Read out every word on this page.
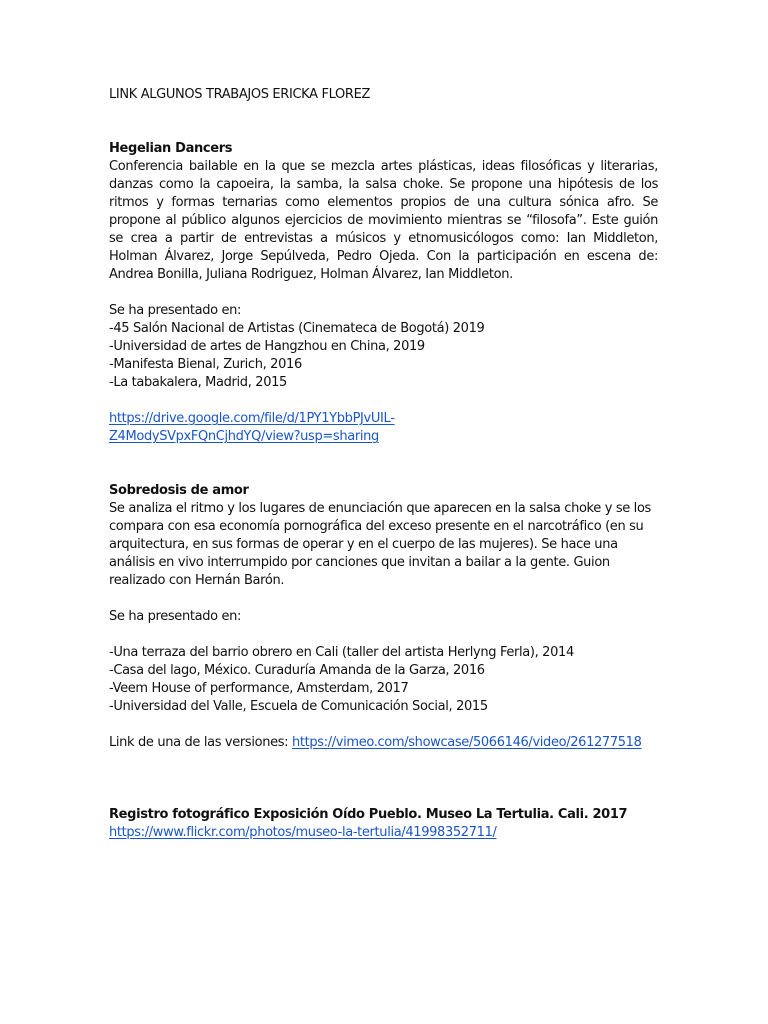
LINK ALGUNOS TRABAJOS ERICKA FLOREZ
Hegelian Dancers
Conferencia bailable en la que se mezcla artes plásticas, ideas filosóficas y literarias,
danzas como la capoeira, la samba, la salsa choke. Se propone una hipótesis de los
ritmos y formas ternarias como elementos propios de una cultura sónica afro. Se
propone al público algunos ejercicios de movimiento mientras se “filosofa”. Este guión
se crea a partir de entrevistas a músicos y etnomusicólogos como: Ian Middleton,
Holman Álvarez, Jorge Sepúlveda, Pedro Ojeda. Con la participación en escena de:
Andrea Bonilla, Juliana Rodriguez, Holman Álvarez, Ian Middleton.
Se ha presentado en:
-45 Salón Nacional de Artistas (Cinemateca de Bogotá) 2019
-Universidad de artes de Hangzhou en China, 2019
-Manifesta Bienal, Zurich, 2016
-La tabakalera, Madrid, 2015
https://drive.google.com/file/d/1PY1YbbPJvUIL-
Z4ModySVpxFQnCjhdYQ/view?usp=sharing
Sobredosis de amor
Se analiza el ritmo y los lugares de enunciación que aparecen en la salsa choke y se los
compara con esa economía pornográfica del exceso presente en el narcotráfico (en su
arquitectura, en sus formas de operar y en el cuerpo de las mujeres). Se hace una
análisis en vivo interrumpido por canciones que invitan a bailar a la gente. Guion
realizado con Hernán Barón.
Se ha presentado en:
-Una terraza del barrio obrero en Cali (taller del artista Herlyng Ferla), 2014
-Casa del lago, México. Curaduría Amanda de la Garza, 2016
-Veem House of performance, Amsterdam, 2017
-Universidad del Valle, Escuela de Comunicación Social, 2015
Link de una de las versiones: https://vimeo.com/showcase/5066146/video/261277518
Registro fotográfico Exposición Oído Pueblo. Museo La Tertulia. Cali. 2017
https://www.flickr.com/photos/museo-la-tertulia/41998352711/
